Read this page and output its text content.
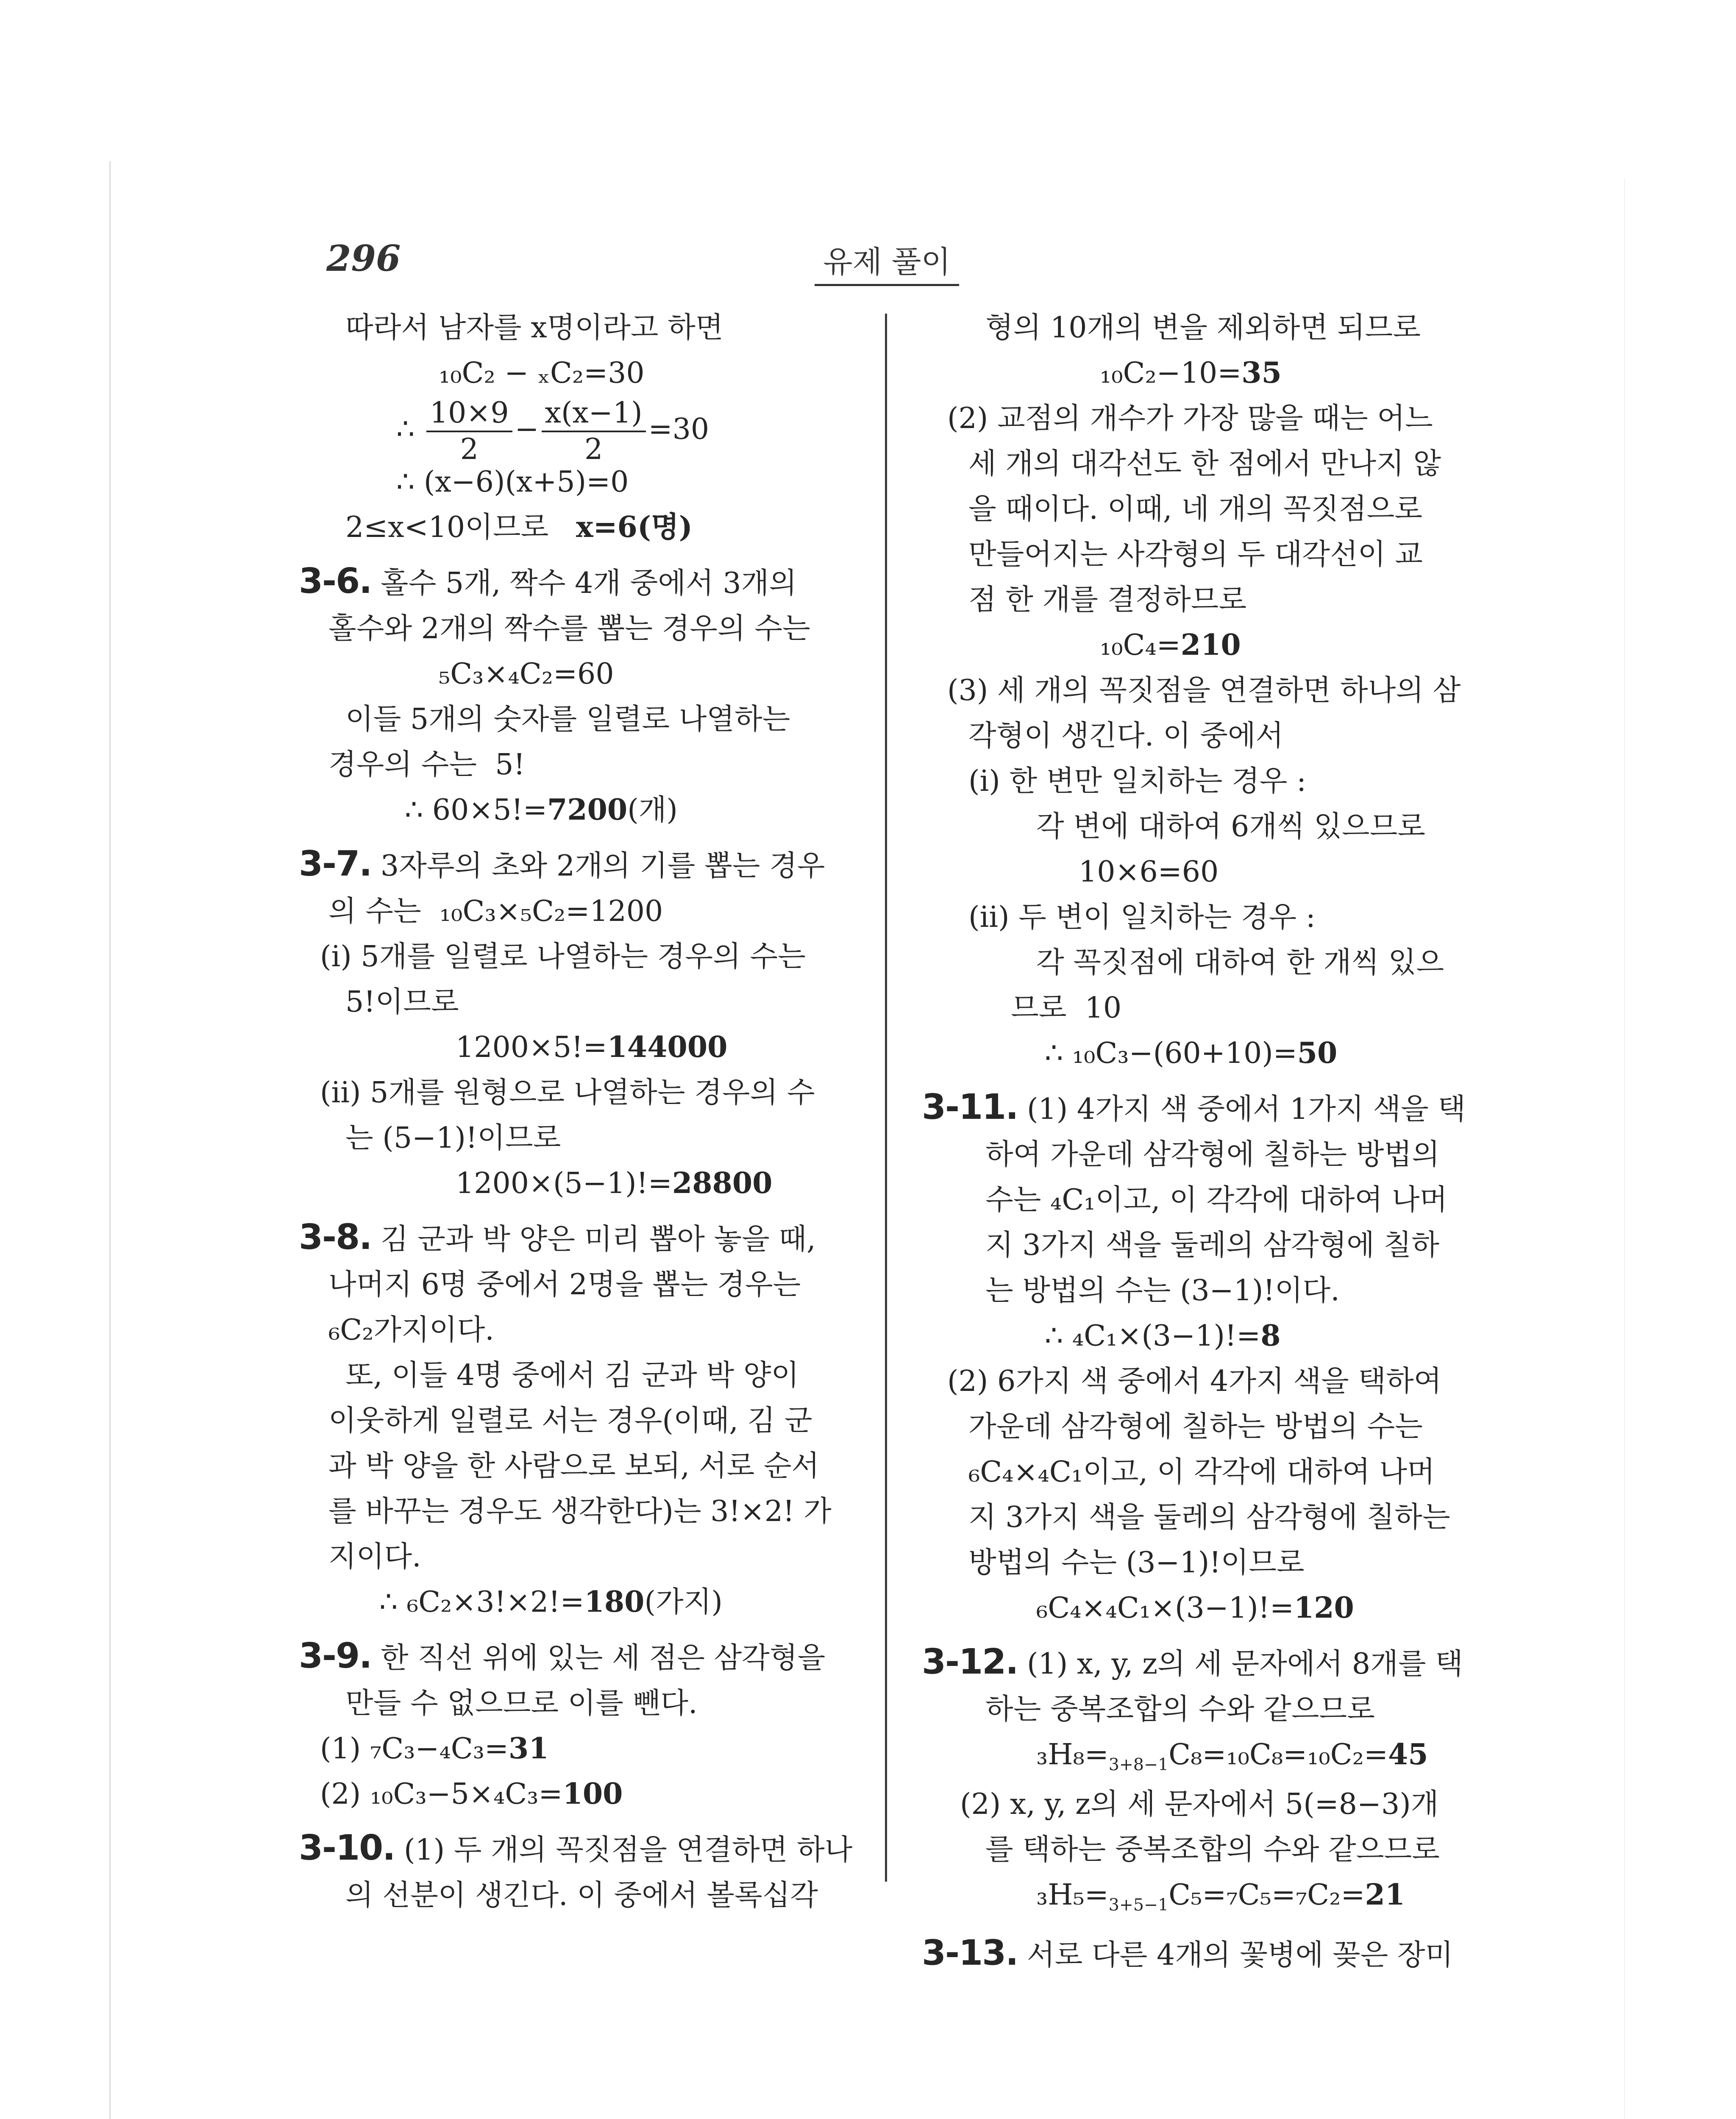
296	유제 풀이
따라서 남자를 x명이라고 하면
₁₀C₂ − ₓC₂=30
∴ $\frac{10\times 9}{2} - \frac{x(x-1)}{2} =30$
∴ (x−6)(x+5)=0
2≤x<10이므로 x=6(명)
3-6. 홀수 5개, 짝수 4개 중에서 3개의
홀수와 2개의 짝수를 뽑는 경우의 수는
₅C₃×₄C₂=60
이들 5개의 숫자를 일렬로 나열하는
경우의 수는  5!
∴ 60×5!=7200(개)
3-7. 3자루의 초와 2개의 기를 뽑는 경우
의 수는  ₁₀C₃×₅C₂=1200
(i) 5개를 일렬로 나열하는 경우의 수는
5!이므로
1200×5!=144000
(ii) 5개를 원형으로 나열하는 경우의 수
는 (5−1)!이므로
1200×(5−1)!=28800
3-8. 김 군과 박 양은 미리 뽑아 놓을 때,
나머지 6명 중에서 2명을 뽑는 경우는
₆C₂가지이다.
또, 이들 4명 중에서 김 군과 박 양이
이웃하게 일렬로 서는 경우(이때, 김 군
과 박 양을 한 사람으로 보되, 서로 순서
를 바꾸는 경우도 생각한다)는 3!×2! 가
지이다.
∴ ₆C₂×3!×2!=180(가지)
3-9. 한 직선 위에 있는 세 점은 삼각형을
만들 수 없으므로 이를 뺀다.
(1) ₇C₃−₄C₃=31
(2) ₁₀C₃−5×₄C₃=100
3-10. (1) 두 개의 꼭짓점을 연결하면 하나
의 선분이 생긴다. 이 중에서 볼록십각
형의 10개의 변을 제외하면 되므로
₁₀C₂−10=35
(2) 교점의 개수가 가장 많을 때는 어느
세 개의 대각선도 한 점에서 만나지 않
을 때이다. 이때, 네 개의 꼭짓점으로
만들어지는 사각형의 두 대각선이 교
점 한 개를 결정하므로
₁₀C₄=210
(3) 세 개의 꼭짓점을 연결하면 하나의 삼
각형이 생긴다. 이 중에서
(i) 한 변만 일치하는 경우 :
각 변에 대하여 6개씩 있으므로
10×6=60
(ii) 두 변이 일치하는 경우 :
각 꼭짓점에 대하여 한 개씩 있으
므로  10
∴ ₁₀C₃−(60+10)=50
3-11. (1) 4가지 색 중에서 1가지 색을 택
하여 가운데 삼각형에 칠하는 방법의
수는 ₄C₁이고, 이 각각에 대하여 나머
지 3가지 색을 둘레의 삼각형에 칠하
는 방법의 수는 (3−1)!이다.
∴ ₄C₁×(3−1)!=8
(2) 6가지 색 중에서 4가지 색을 택하여
가운데 삼각형에 칠하는 방법의 수는
₆C₄×₄C₁이고, 이 각각에 대하여 나머
지 3가지 색을 둘레의 삼각형에 칠하는
방법의 수는 (3−1)!이므로
₆C₄×₄C₁×(3−1)!=120
3-12. (1) x, y, z의 세 문자에서 8개를 택
하는 중복조합의 수와 같으므로
$_3H_8=_{3+8-1}C_8=_{10}C_8=_{10}C_2=45$
(2) x, y, z의 세 문자에서 5(=8−3)개
를 택하는 중복조합의 수와 같으므로
$_3H_5=_{3+5-1}C_5=_7C_5=_7C_2=21$
3-13. 서로 다른 4개의 꽃병에 꽂은 장미
